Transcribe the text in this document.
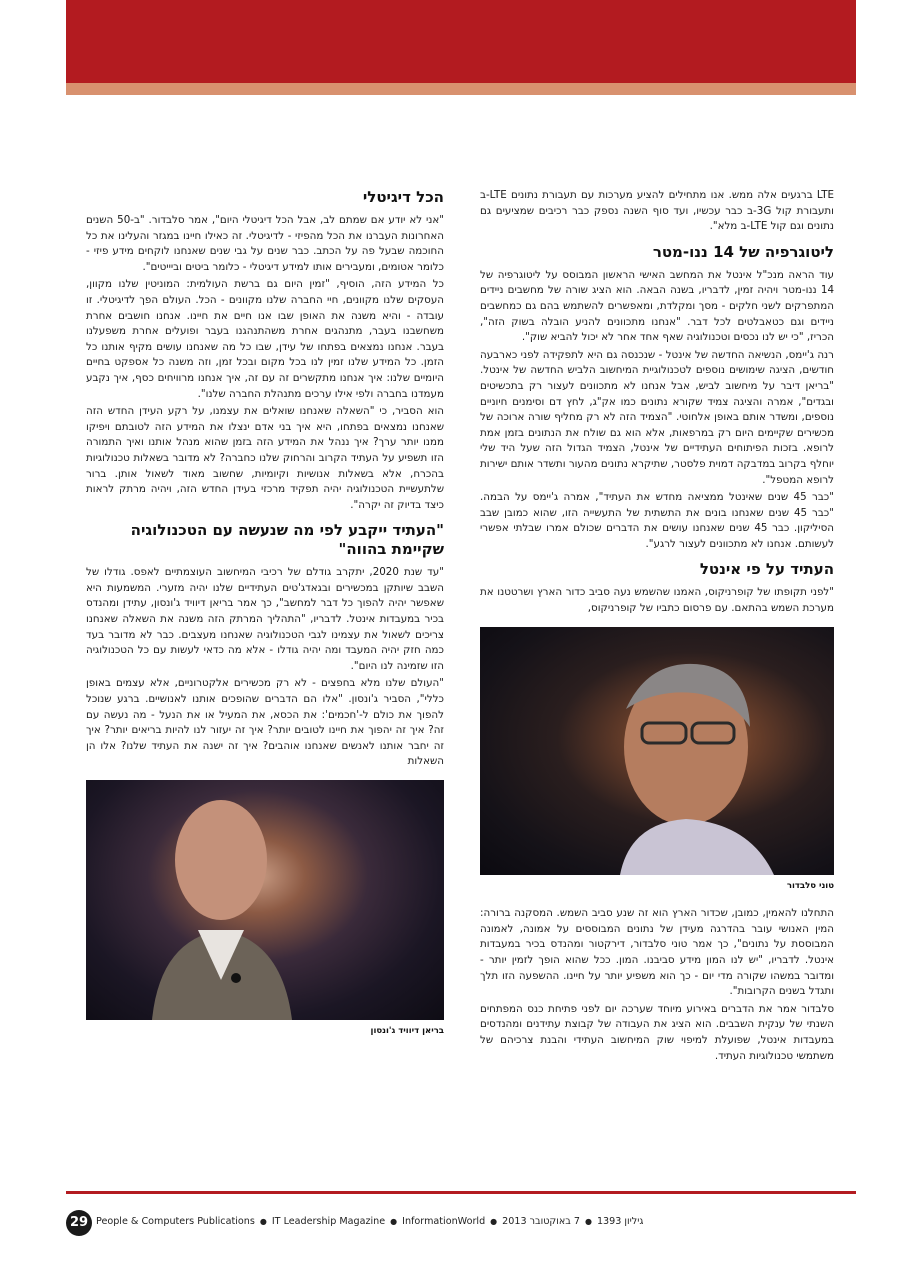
LTE ברגעים אלה ממש. אנו מתחילים להציע מערכות עם תעבורת נתונים LTE-ב ותעבורת קול 3G-ב כבר עכשיו, ועד סוף השנה נספק כבר רכיבים שמציעים גם נתונים וגם קול LTE-ב מלא".

ליטוגרפיה של 14 ננו-מטר

עוד הראה מנכ"ל אינטל את המחשב האישי הראשון המבוסס על ליטוגרפיה של 14 ננו-מטר ויהיה זמין, לדבריו, בשנה הבאה. הוא הציג שורה של מחשבים ניידים המתפרקים לשני חלקים - מסך ומקלדת, ומאפשרים להשתמש בהם גם כמחשבים ניידים וגם כטאבלטים לכל דבר. "אנחנו מתכוונים להניע הובלה בשוק הזה", הכריז, "כי יש לנו נכסים וטכנולוגיה שאף אחד אחר לא יכול להביא שוק".

רנה ג'יימס, הנשיאה החדשה של אינטל - שנכנסה גם היא לתפקידה לפני כארבעה חודשים, הציגה שימושים נוספים לטכנולוגיית המיחשוב הלביש החדשה של אינטל. "בריאן דיבר על מיחשוב לביש, אבל אנחנו לא מתכוונים לעצור רק בתכשיטים ובגדים", אמרה והציגה צמיד שקורא נתונים כמו אק"ג, לחץ דם וסימנים חיוניים נוספים, ומשדר אותם באופן אלחוטי. "הצמיד הזה לא רק מחליף שורה ארוכה של מכשירים שקיימים היום רק במרפאות, אלא הוא גם שולח את הנתונים בזמן אמת לרופא. בזכות הפיתוחים העתידיים של אינטל, הצמיד הגדול הזה שעל היד שלי יוחלף בקרוב במדבקה דמוית פלסטר, שתיקרא נתונים מהעור ותשדר אותם ישירות לרופא המטפל".

"כבר 45 שנים שאינטל ממציאה מחדש את העתיד", אמרה ג'יימס על הבמה. "כבר 45 שנים שאנחנו בונים את התשתית של התעשייה הזו, שהוא כמובן שבב הסיליקון. כבר 45 שנים שאנחנו עושים את הדברים שכולם אמרו שבלתי אפשרי לעשותם. אנחנו לא מתכוונים לעצור לרגע".

העתיד על פי אינטל

"לפני תקופתו של קופרניקוס, האמנו שהשמש נעה סביב כדור הארץ ושרטטנו את מערכת השמש בהתאם. עם פרסום כתביו של קופרניקוס,

טוני סלבדור

התחלנו להאמין, כמובן, שכדור הארץ הוא זה שנע סביב השמש. המסקנה ברורה: המין האנושי עובר בהדרגה מעידן של נתונים המבוססים על אמונה, לאמונה המבוססת על נתונים", כך אמר טוני סלבדור, דירקטור ומהנדס בכיר במעבדות אינטל. לדבריו, "יש לנו המון מידע סביבנו. המון. ככל שהוא הופך לזמין יותר - ומדובר במשהו שקורה מדי יום - כך הוא משפיע יותר על חיינו. ההשפעה הזו תלך ותגדל בשנים הקרובות".

סלבדור אמר את הדברים באירוע מיוחד שערכה יום לפני פתיחת כנס המפתחים השנתי של ענקית השבבים. הוא הציג את העבודה של קבוצת עתידנים ומהנדסים במעבדות אינטל, שפועלת למיפוי שוק המיחשוב העתידי והבנת צרכיהם של משתמשי טכנולוגיות העתיד.

הכל דיגיטלי

"אני לא יודע אם שמתם לב, אבל הכל דיגיטלי היום", אמר סלבדור. "ב-50 השנים האחרונות העברנו את הכל מהפיזי - לדיגיטלי. זה כאילו חיינו במגזר והעלינו את כל החוכמה שבעל פה על הכתב. כבר שנים על גבי שנים שאנחנו לוקחים מידע פיזי - כלומר אטומים, ומעבירים אותו למידע דיגיטלי - כלומר ביטים וביייטים".

כל המידע הזה, הוסיף, "זמין היום גם ברשת העולמית: המוניטין שלנו מקוון, העסקים שלנו מקוונים, חיי החברה שלנו מקוונים - הכל. העולם הפך לדיגיטלי. זו עובדה - והיא משנה את האופן שבו אנו חיים את חיינו. אנחנו חושבים אחרת משחשבנו בעבר, מתנהגים אחרת משהתנהגנו בעבר ופועלים אחרת משפעלנו בעבר. אנחנו נמצאים בפתחו של עידן, שבו כל מה שאנחנו עושים מקיף אותנו כל הזמן. כל המידע שלנו זמין לנו בכל מקום ובכל זמן, וזה משנה כל אספקט בחיים היומיים שלנו: איך אנחנו מתקשרים זה עם זה, איך אנחנו מרוויחים כסף, איך נקבע מעמדנו בחברה ולפי אילו ערכים מתנהלת החברה שלנו".

הוא הסביר, כי "השאלה שאנחנו שואלים את עצמנו, על רקע העידן החדש הזה שאנחנו נמצאים בפתחו, היא איך בני אדם ינצלו את המידע הזה לטובתם ויפיקו ממנו יותר ערך? איך ננהל את המידע הזה בזמן שהוא מנהל אותנו ואיך התמורה הזו תשפיע על העתיד הקרוב והרחוק שלנו כחברה? לא מדובר בשאלות טכנולוגיות בהכרח, אלא בשאלות אנושיות וקיומיות, שחשוב מאוד לשאול אותן. ברור שלתעשיית הטכנולוגיה יהיה תפקיד מרכזי בעידן החדש הזה, ויהיה מרתק לראות כיצד בדיוק זה יקרה".

"העתיד ייקבע לפי מה שנעשה עם הטכנולוגיה שקיימת בהווה"

"עד שנת 2020, יתקרב גודלם של רכיבי המיחשוב העוצמתיים לאפס. גודלו של השבב שיותקן במכשירים ובגאדג'טים העתידיים שלנו יהיה מזערי. המשמעות היא שאפשר יהיה להפוך כל דבר למחשב", כך אמר בריאן דיוויד ג'ונסון, עתידן ומהנדס בכיר במעבדות אינטל. לדבריו, "התהליך המרתק הזה משנה את השאלה שאנחנו צריכים לשאול את עצמינו לגבי הטכנולוגיה שאנחנו מעצבים. כבר לא מדובר בעד כמה חזק יהיה המעבד ומה יהיה גודלו - אלא מה כדאי לעשות עם כל הטכנולוגיה הזו שזמינה לנו היום".

"העולם שלנו מלא בחפצים - לא רק מכשירים אלקטרוניים, אלא עצמים באופן כללי", הסביר ג'ונסון. "אלו הם הדברים שהופכים אותנו לאנושיים. ברגע שנוכל להפוך את כולם ל-'חכמים': את הכסא, את המעיל או את הנעל - מה נעשה עם זה? איך זה יהפוך את חיינו לטובים יותר? איך זה יעזור לנו להיות בריאים יותר? איך זה יחבר אותנו לאנשים שאנחנו אוהבים? איך זה ישנה את העתיד שלנו? אלו הן השאלות

בריאן דיוויד ג'ונסון
29 People & Computers Publications ● IT Leadership Magazine ● InformationWorld ● 7 באוקטובר 2013 ● גיליון 1393
